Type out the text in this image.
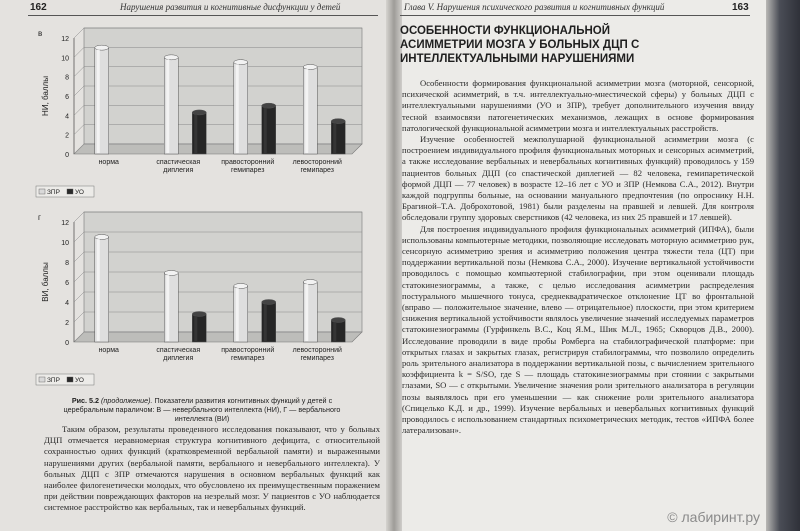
162	Нарушения развития и когнитивные дисфункции у детей	Глава V. Нарушения психического развития и когнитивных функций	163
0
2
4
6
8
10
12
в
НИ, баллы
норма	спастическая
диплегия
правосторонний
гемипарез
левосторонний
гемипарез
ЗПР УО
0
2
4
6
8
10
12
г
ВИ, баллы
норма	спастическая
диплегия
правосторонний
гемипарез
левосторонний
гемипарез
ЗПР УО
Рис. 5.2 (продолжение). Показатели развития когнитивных функций у детей с церебральным параличом: В — невербального интеллекта (НИ), Г — вербального интеллекта (ВИ)

Таким образом, результаты проведенного исследования показывают, что у больных ДЦП отмечается неравномерная структура когнитивного дефицита, с относительной сохранностью одних функций (кратковременной вербальной памяти) и выраженными нарушениями других (вербальной памяти, вербального и невербального интеллекта). У больных ДЦП с ЗПР отмечаются нарушения в основном вербальных функций как наиболее филогенетически молодых, что обусловлено их преимущественным поражением при действии повреждающих факторов на незрелый мозг. У пациентов с УО наблюдается системное расстройство как вербальных, так и невербальных функций.

ОСОБЕННОСТИ ФУНКЦИОНАЛЬНОЙ АСИММЕТРИИ МОЗГА У БОЛЬНЫХ ДЦП С ИНТЕЛЛЕКТУАЛЬНЫМИ НАРУШЕНИЯМИ

Особенности формирования функциональной асимметрии мозга (моторной, сенсорной, психической асимметрий, в т.ч. интеллектуально-мнестической сферы) у больных ДЦП с интеллектуальными нарушениями (УО и ЗПР), требует дополнительного изучения ввиду тесной взаимосвязи патогенетических механизмов, лежащих в основе формирования патологической функциональной асимметрии мозга и интеллектуальных расстройств.

Изучение особенностей межполушарной функциональной асимметрии мозга (с построением индивидуального профиля функциональных моторных и сенсорных асимметрий, а также исследование вербальных и невербальных когнитивных функций) проводилось у 159 пациентов больных ДЦП (со спастической диплегией — 82 человека, гемипаретической формой ДЦП — 77 человек) в возрасте 12–16 лет с УО и ЗПР (Немкова С.А., 2012). Внутри каждой подгруппы больные, на основании мануального предпочтения (по опроснику Н.Н. Брагиной–Т.А. Доброхотовой, 1981) были разделены на правшей и левшей. Для контроля обследовали группу здоровых сверстников (42 человека, из них 25 правшей и 17 левшей).

Для построения индивидуального профиля функциональных асимметрий (ИПФА), были использованы компьютерные методики, позволяющие исследовать моторную асимметрию рук, сенсорную асимметрию зрения и асимметрию положения центра тяжести тела (ЦТ) при поддержании вертикальной позы (Немкова С.А., 2000). Изучение вертикальной устойчивости проводилось с помощью компьютерной стабилографии, при этом оценивали площадь статокинезиограммы, а также, с целью исследования асимметрии распределения постурального мышечного тонуса, среднеквадратическое отклонение ЦТ во фронтальной (вправо — положительное значение, влево — отрицательное) плоскости, при этом критерием снижения вертикальной устойчивости являлось увеличение значений исследуемых параметров статокинезиограммы (Гурфинкель В.С., Коц Я.М., Шик М.Л., 1965; Скворцов Д.В., 2000). Исследование проводили в виде пробы Ромберга на стабилографической платформе: при открытых глазах и закрытых глазах, регистрируя стабилограммы, что позволило определить роль зрительного анализатора в поддержании вертикальной позы, с вычислением зрительного коэффициента k = S/SO, где S — площадь статокинезиограммы при стоянии с закрытыми глазами, SO — с открытыми. Увеличение значения роли зрительного анализатора в регуляции позы выявлялось при его уменьшении — как снижение роли зрительного анализатора (Спицелько К.Д. и др., 1999). Изучение вербальных и невербальных когнитивных функций проводилось с использованием стандартных психометрических методик, тестов «ИПФА более латерализован».

© лабиринт.ру
